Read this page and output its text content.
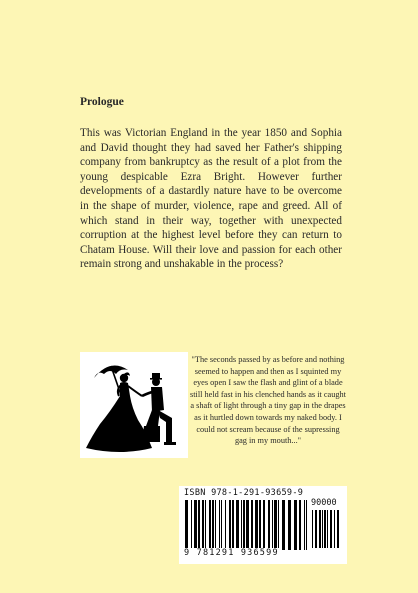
Prologue

This was Victorian England in the year 1850 and Sophia and David thought they had saved her Father's shipping company from bankruptcy as the result of a plot from the young despicable Ezra Bright. However further developments of a dastardly nature have to be overcome in the shape of murder, violence, rape and greed. All of which stand in their way, together with unexpected corruption at the highest level before they can return to Chatam House. Will their love and passion for each other remain strong and unshakable in the process?

"The seconds passed by as before and nothing seemed to happen and then as I squinted my eyes open I saw the flash and glint of a blade still held fast in his clenched hands as it caught a shaft of light through a tiny gap in the drapes as it hurtled down towards my naked body. I could not scream because of the supressing gag in my mouth..."

ISBN 978-1-291-93659-9
90000
9 781291 936599
